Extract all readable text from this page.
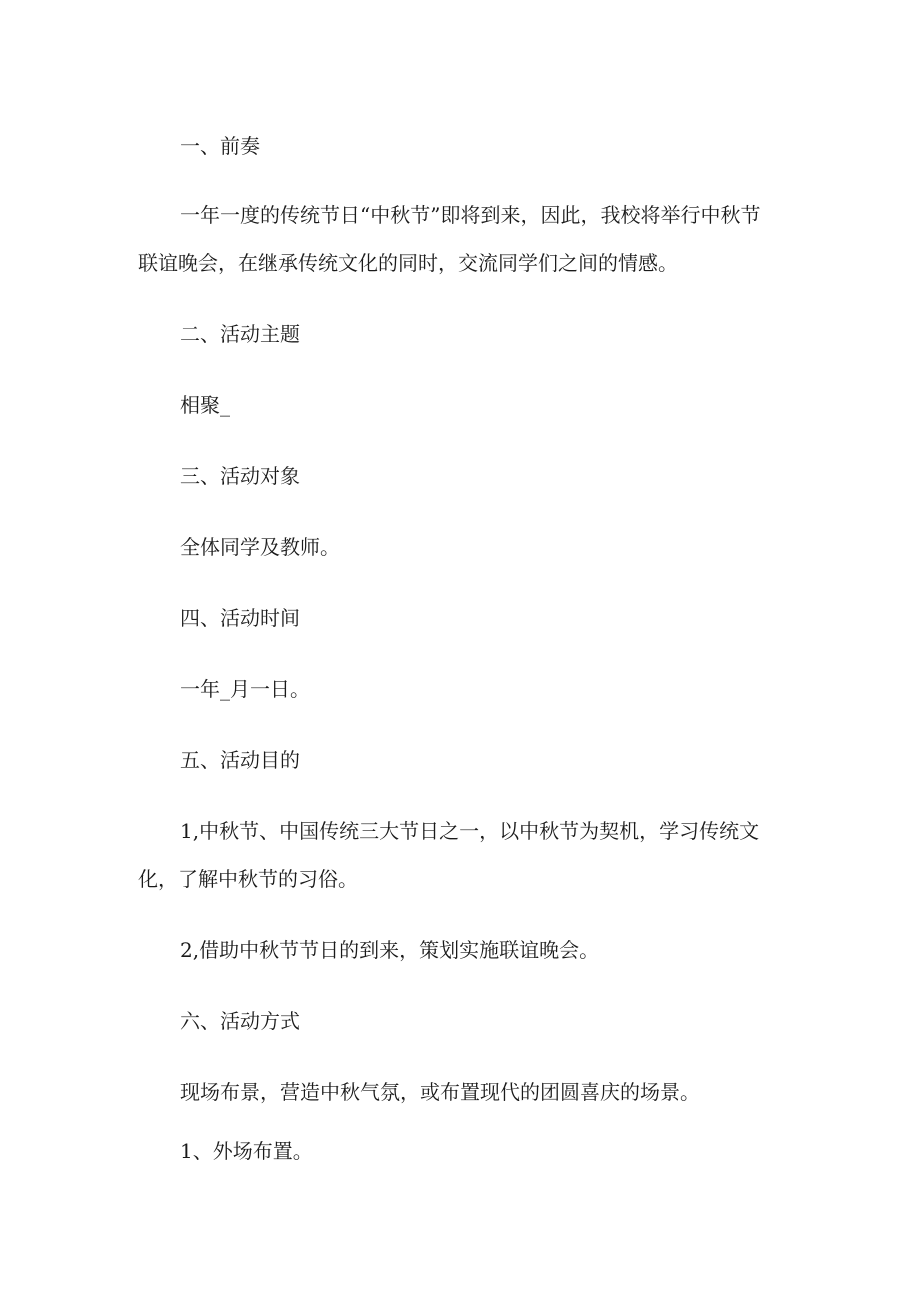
一、前奏

一年一度的传统节日“中秋节”即将到来，因此，我校将举行中秋节联谊晚会，在继承传统文化的同时，交流同学们之间的情感。

二、活动主题

相聚_

三、活动对象

全体同学及教师。

四、活动时间

一年_月一日。

五、活动目的

1,中秋节、中国传统三大节日之一，以中秋节为契机，学习传统文化，了解中秋节的习俗。

2,借助中秋节节日的到来，策划实施联谊晚会。

六、活动方式

现场布景，营造中秋气氛，或布置现代的团圆喜庆的场景。

1、外场布置。
